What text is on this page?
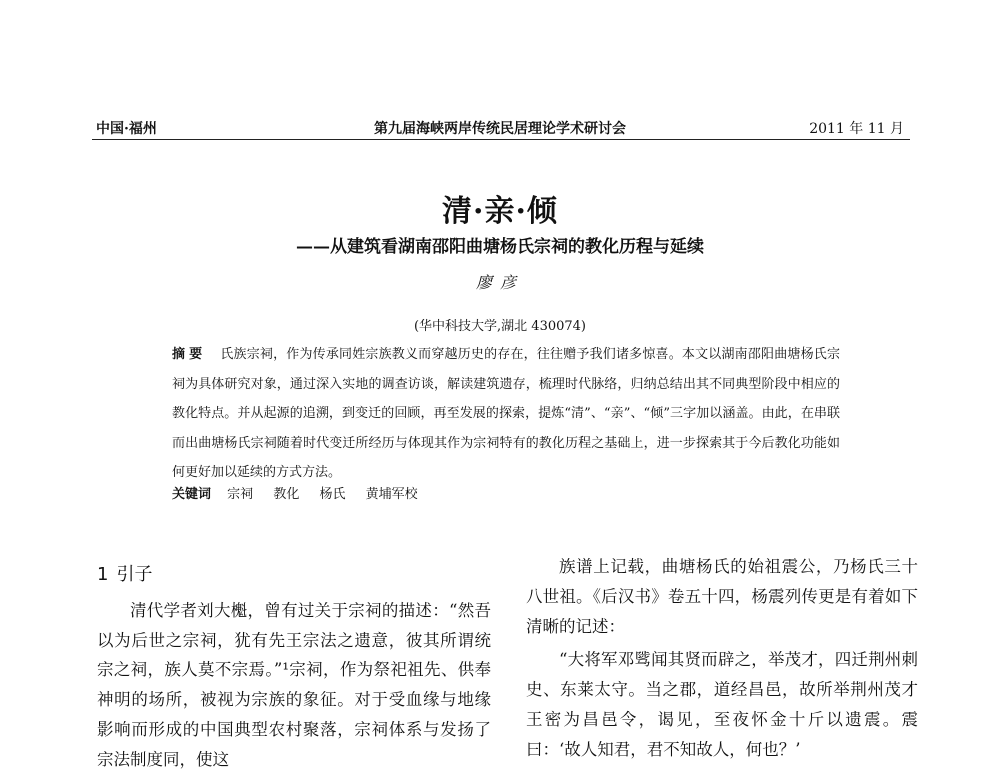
中国·福州	第九届海峡两岸传统民居理论学术研讨会	2011 年 11 月
清·亲·倾
——从建筑看湖南邵阳曲塘杨氏宗祠的教化历程与延续
廖彦
(华中科技大学,湖北 430074)
摘要 氏族宗祠，作为传承同姓宗族教义而穿越历史的存在，往往赠予我们诸多惊喜。本文以湖南邵阳曲塘杨氏宗祠为具体研究对象，通过深入实地的调查访谈，解读建筑遗存，梳理时代脉络，归纳总结出其不同典型阶段中相应的教化特点。并从起源的追溯，到变迁的回顾，再至发展的探索，提炼“清”、“亲”、“倾”三字加以涵盖。由此，在串联而出曲塘杨氏宗祠随着时代变迁所经历与体现其作为宗祠特有的教化历程之基础上，进一步探索其于今后教化功能如何更好加以延续的方式方法。
关键词 宗祠 教化 杨氏 黄埔军校
1 引子

清代学者刘大櫆，曾有过关于宗祠的描述：“然吾以为后世之宗祠，犹有先王宗法之遗意，彼其所谓统宗之祠，族人莫不宗焉。”¹宗祠，作为祭祀祖先、供奉神明的场所，被视为宗族的象征。对于受血缘与地缘影响而形成的中国典型农村聚落，宗祠体系与发扬了宗法制度同，使这

族谱上记载，曲塘杨氏的始祖震公，乃杨氏三十八世祖。《后汉书》卷五十四，杨震列传更是有着如下清晰的记述：

“大将军邓骘闻其贤而辟之，举茂才，四迁荆州刺史、东莱太守。当之郡，道经昌邑，故所举荆州茂才王密为昌邑令，谒见，至夜怀金十斤以遗震。震曰：‘故人知君，君不知故人，何也？’
